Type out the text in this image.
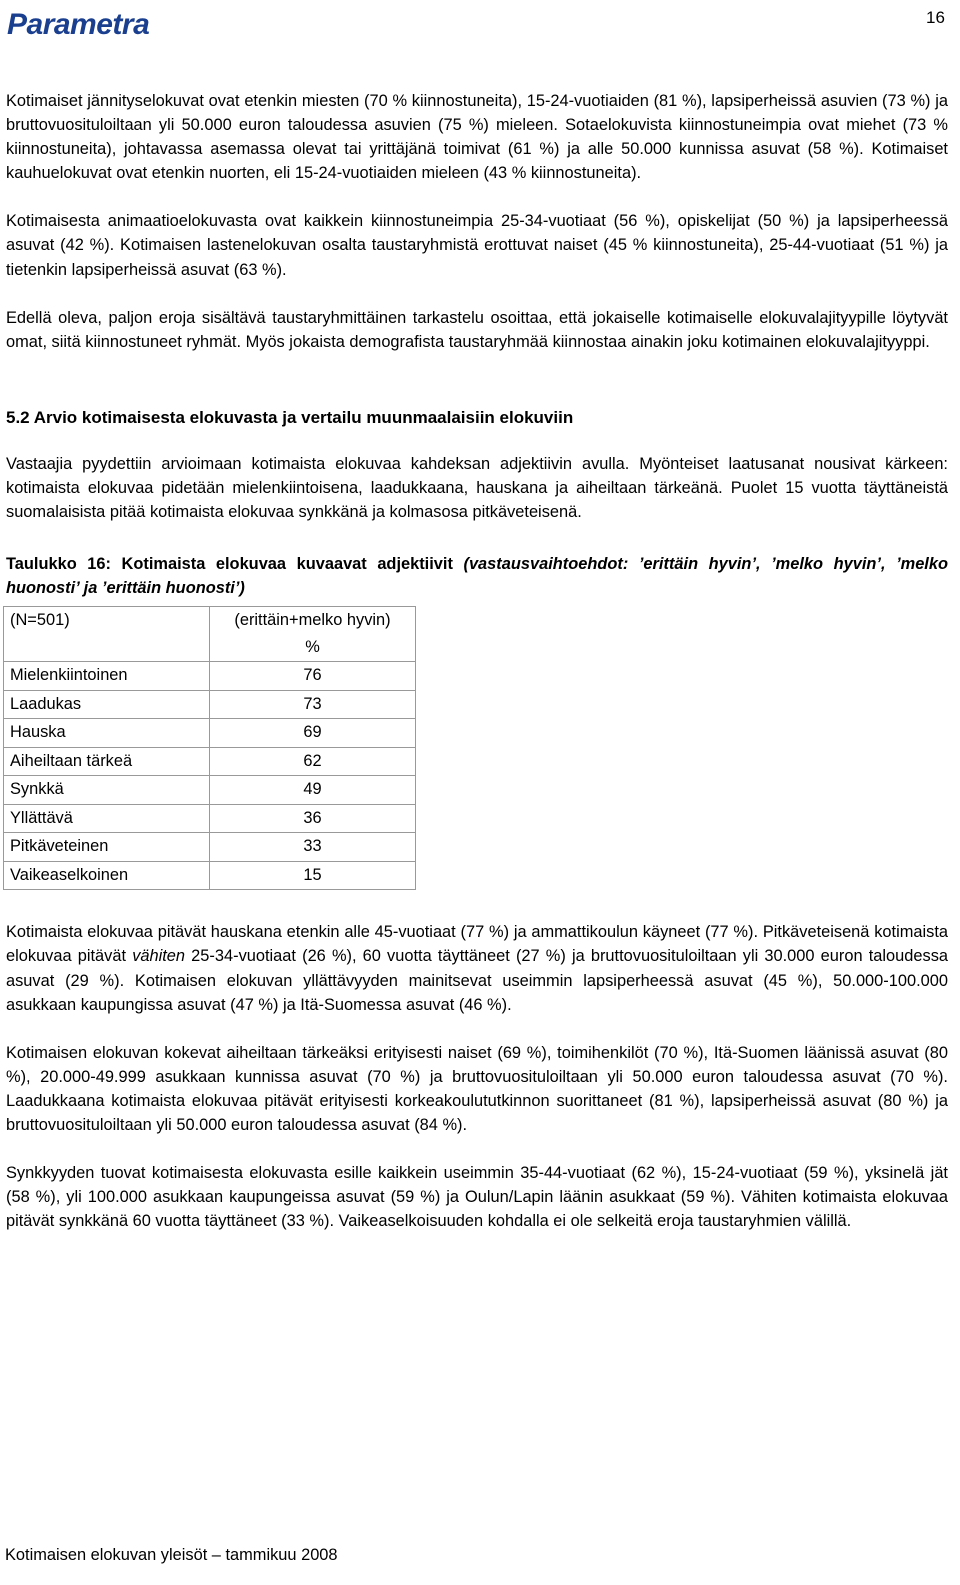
Parametra	16

Kotimaiset jännityselokuvat ovat etenkin miesten (70 % kiinnostuneita), 15-24-vuotiaiden (81 %), lapsiperheissä asuvien (73 %) ja bruttovuosituloiltaan yli 50.000 euron taloudessa asuvien (75 %) mieleen. Sotaelokuvista kiinnostuneimpia ovat miehet (73 % kiinnostuneita), johtavassa asemassa olevat tai yrittäjänä toimivat (61 %) ja alle 50.000 kunnissa asuvat (58 %). Kotimaiset kauhuelokuvat ovat etenkin nuorten, eli 15-24-vuotiaiden mieleen (43 % kiinnostuneita).

Kotimaisesta animaatioelokuvasta ovat kaikkein kiinnostuneimpia 25-34-vuotiaat (56 %), opiskelijat (50 %) ja lapsiperheessä asuvat (42 %). Kotimaisen lastenelokuvan osalta taustaryhmistä erottuvat naiset (45 % kiinnostuneita), 25-44-vuotiaat (51 %) ja tietenkin lapsiperheissä asuvat (63 %).

Edellä oleva, paljon eroja sisältävä taustaryhmittäinen tarkastelu osoittaa, että jokaiselle kotimaiselle elokuvalajityypille löytyvät omat, siitä kiinnostuneet ryhmät. Myös jokaista demografista taustaryhmää kiinnostaa ainakin joku kotimainen elokuvalajityyppi.

5.2 Arvio kotimaisesta elokuvasta ja vertailu muunmaalaisiin elokuviin

Vastaajia pyydettiin arvioimaan kotimaista elokuvaa kahdeksan adjektiivin avulla. Myönteiset laatusanat nousivat kärkeen: kotimaista elokuvaa pidetään mielenkiintoisena, laadukkaana, hauskana ja aiheiltaan tärkeänä. Puolet 15 vuotta täyttäneistä suomalaisista pitää kotimaista elokuvaa synkkänä ja kolmasosa pitkäveteisenä.

Taulukko 16: Kotimaista elokuvaa kuvaavat adjektiivit (vastausvaihtoehdot: ’erittäin hyvin’, ’melko hyvin’, ’melko huonosti’ ja ’erittäin huonosti’)

(N=501)	(erittäin+melko hyvin)
%
Mielenkiintoinen	76
Laadukas	73
Hauska	69
Aiheiltaan tärkeä	62
Synkkä	49
Yllättävä	36
Pitkäveteinen	33
Vaikeaselkoinen	15

Kotimaista elokuvaa pitävät hauskana etenkin alle 45-vuotiaat (77 %) ja ammattikoulun käyneet (77 %). Pitkäveteisenä kotimaista elokuvaa pitävät vähiten 25-34-vuotiaat (26 %), 60 vuotta täyttäneet (27 %) ja bruttovuosituloiltaan yli 30.000 euron taloudessa asuvat (29 %). Kotimaisen elokuvan yllättävyyden mainitsevat useimmin lapsiperheessä asuvat (45 %), 50.000-100.000 asukkaan kaupungissa asuvat (47 %) ja Itä-Suomessa asuvat (46 %).

Kotimaisen elokuvan kokevat aiheiltaan tärkeäksi erityisesti naiset (69 %), toimihenkilöt (70 %), Itä-Suomen läänissä asuvat (80 %), 20.000-49.999 asukkaan kunnissa asuvat (70 %) ja bruttovuosituloiltaan yli 50.000 euron taloudessa asuvat (70 %). Laadukkaana kotimaista elokuvaa pitävät erityisesti korkeakoulututkinnon suorittaneet (81 %), lapsiperheissä asuvat (80 %) ja bruttovuosituloiltaan yli 50.000 euron taloudessa asuvat (84 %).

Synkkyyden tuovat kotimaisesta elokuvasta esille kaikkein useimmin 35-44-vuotiaat (62 %), 15-24-vuotiaat (59 %), yksinelä jät (58 %), yli 100.000 asukkaan kaupungeissa asuvat (59 %) ja Oulun/Lapin läänin asukkaat (59 %). Vähiten kotimaista elokuvaa pitävät synkkänä 60 vuotta täyttäneet (33 %). Vaikeaselkoisuuden kohdalla ei ole selkeitä eroja taustaryhmien välillä.

Kotimaisen elokuvan yleisöt – tammikuu 2008
